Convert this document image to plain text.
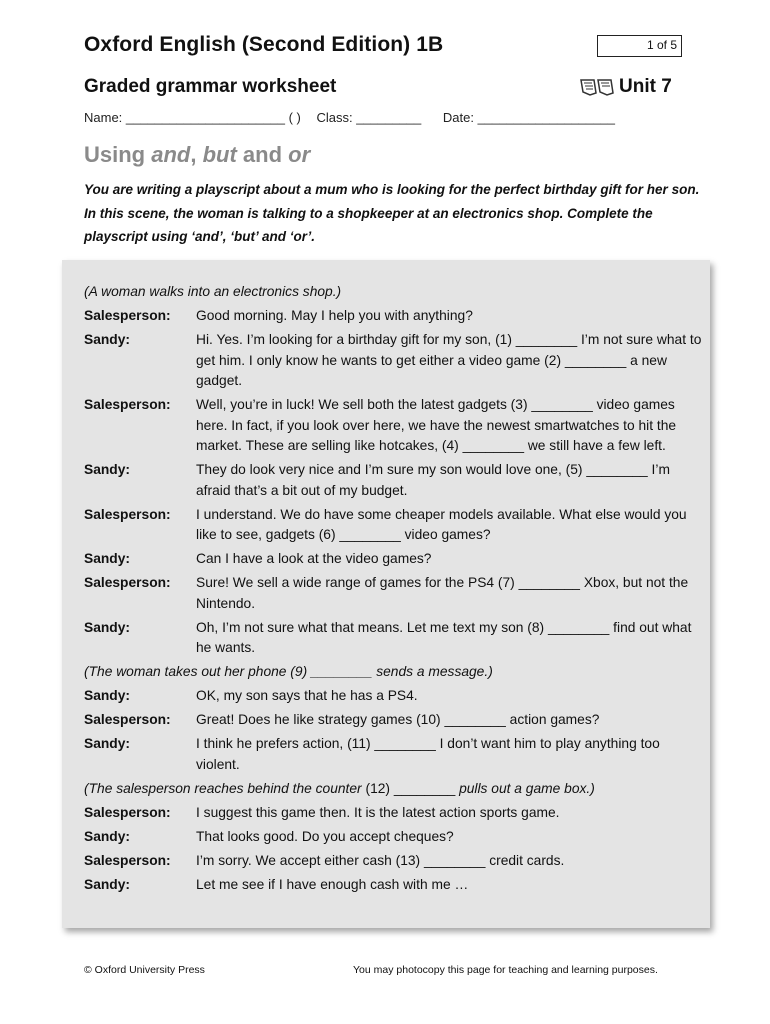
Oxford English (Second Edition) 1B	1 of 5
Graded grammar worksheet	Unit 7
Name: ______________________ ( ) Class: _________ Date: ___________________
Using and, but and or
You are writing a playscript about a mum who is looking for the perfect birthday gift for her son. In this scene, the woman is talking to a shopkeeper at an electronics shop. Complete the playscript using ‘and’, ‘but’ and ‘or’.
(A woman walks into an electronics shop.)
Salesperson:	Good morning. May I help you with anything?
Sandy:	Hi. Yes. I’m looking for a birthday gift for my son, (1) ________ I’m not sure what to get him. I only know he wants to get either a video game (2) ________ a new gadget.
Salesperson:	Well, you’re in luck! We sell both the latest gadgets (3) ________ video games here. In fact, if you look over here, we have the newest smartwatches to hit the market. These are selling like hotcakes, (4) ________ we still have a few left.
Sandy:	They do look very nice and I’m sure my son would love one, (5) ________ I’m afraid that’s a bit out of my budget.
Salesperson:	I understand. We do have some cheaper models available. What else would you like to see, gadgets (6) ________ video games?
Sandy:	Can I have a look at the video games?
Salesperson:	Sure! We sell a wide range of games for the PS4 (7) ________ Xbox, but not the Nintendo.
Sandy:	Oh, I’m not sure what that means. Let me text my son (8) ________ find out what he wants.
(The woman takes out her phone (9) ________ sends a message.)
Sandy:	OK, my son says that he has a PS4.
Salesperson:	Great! Does he like strategy games (10) ________ action games?
Sandy:	I think he prefers action, (11) ________ I don’t want him to play anything too violent.
(The salesperson reaches behind the counter (12) ________ pulls out a game box.)
Salesperson:	I suggest this game then. It is the latest action sports game.
Sandy:	That looks good. Do you accept cheques?
Salesperson:	I’m sorry. We accept either cash (13) ________ credit cards.
Sandy:	Let me see if I have enough cash with me …
© Oxford University Press	You may photocopy this page for teaching and learning purposes.
